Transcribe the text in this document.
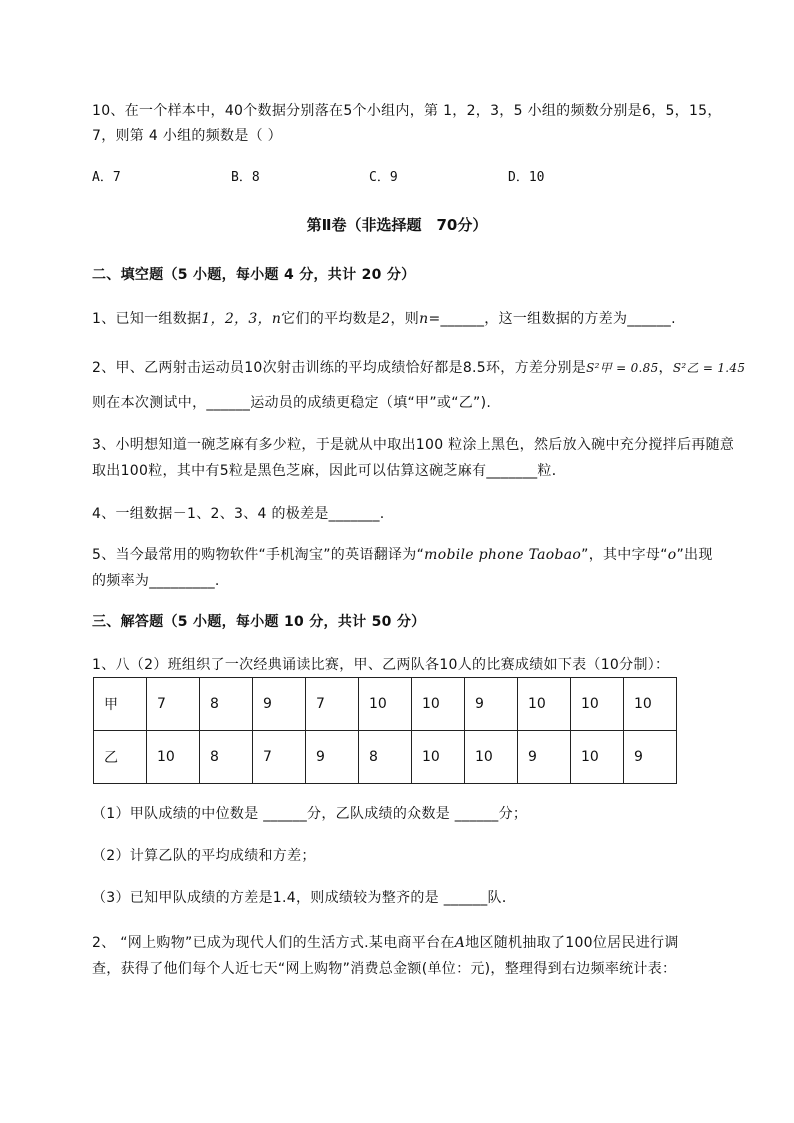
10、在一个样本中，40个数据分别落在5个小组内，第 1，2，3，5 小组的频数分别是6，5，15，
7，则第 4 小组的频数是（ ）
A．7	B．8	C．9	D．10
第Ⅱ卷（非选择题　70分）
二、填空题（5 小题，每小题 4 分，共计 20 分）
1、已知一组数据1，2，3，n它们的平均数是2，则n=______，这一组数据的方差为______.
2、甲、乙两射击运动员10次射击训练的平均成绩恰好都是8.5环，方差分别是S²甲 = 0.85，S²乙 = 1.45
则在本次测试中，______运动员的成绩更稳定（填“甲”或“乙”).
3、小明想知道一碗芝麻有多少粒，于是就从中取出100 粒涂上黑色，然后放入碗中充分搅拌后再随意
取出100粒，其中有5粒是黑色芝麻，因此可以估算这碗芝麻有_______粒．
4、一组数据－1、2、3、4 的极差是_______.
5、当今最常用的购物软件“手机淘宝”的英语翻译为“mobile phone Taobao”，其中字母“o”出现
的频率为_________.
三、解答题（5 小题，每小题 10 分，共计 50 分）
1、八（2）班组织了一次经典诵读比赛，甲、乙两队各10人的比赛成绩如下表（10分制）：
甲	7	8	9	7	10	10	9	10	10	10
乙	10	8	7	9	8	10	10	9	10	9
（1）甲队成绩的中位数是 ______分，乙队成绩的众数是 ______分；
（2）计算乙队的平均成绩和方差；
（3）已知甲队成绩的方差是1.4，则成绩较为整齐的是 ______队．
2、 “网上购物”已成为现代人们的生活方式.某电商平台在A地区随机抽取了100位居民进行调
查，获得了他们每个人近七天“网上购物”消费总金额(单位：元)，整理得到右边频率统计表：
